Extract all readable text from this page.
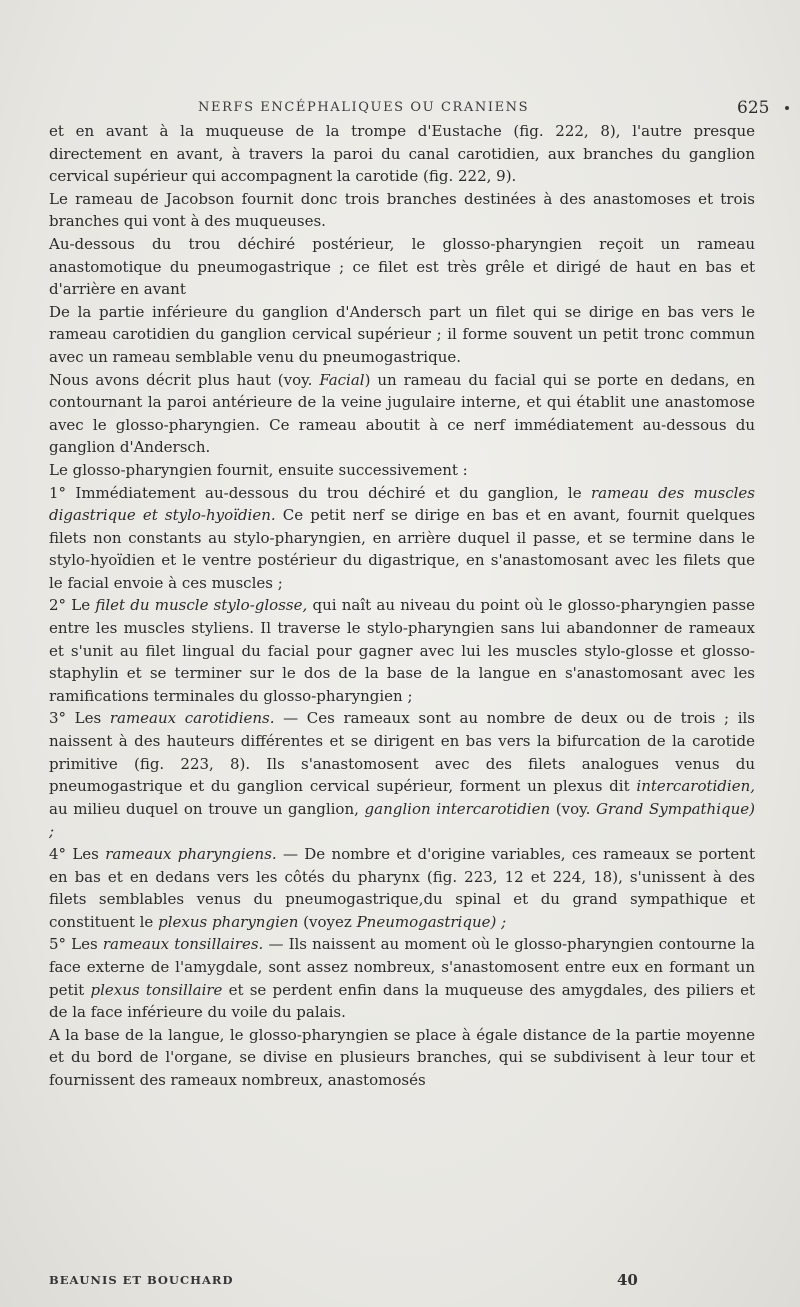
NERFS ENCÉPHALIQUES OU CRANIENS	625

et en avant à la muqueuse de la trompe d'Eustache (fig. 222, 8), l'autre presque directement en avant, à travers la paroi du canal carotidien, aux branches du ganglion cervical supérieur qui accompagnent la carotide (fig. 222, 9).

Le rameau de Jacobson fournit donc trois branches destinées à des anastomoses et trois branches qui vont à des muqueuses.

Au-dessous du trou déchiré postérieur, le glosso-pharyngien reçoit un rameau anastomotique du pneumogastrique ; ce filet est très grêle et dirigé de haut en bas et d'arrière en avant

De la partie inférieure du ganglion d'Andersch part un filet qui se dirige en bas vers le rameau carotidien du ganglion cervical supérieur ; il forme souvent un petit tronc commun avec un rameau semblable venu du pneumogastrique.

Nous avons décrit plus haut (voy. Facial) un rameau du facial qui se porte en dedans, en contournant la paroi antérieure de la veine jugulaire interne, et qui établit une anastomose avec le glosso-pharyngien. Ce rameau aboutit à ce nerf immédiatement au-dessous du ganglion d'Andersch.

Le glosso-pharyngien fournit, ensuite successivement :

1° Immédiatement au-dessous du trou déchiré et du ganglion, le rameau des muscles digastrique et stylo-hyoïdien. Ce petit nerf se dirige en bas et en avant, fournit quelques filets non constants au stylo-pharyngien, en arrière duquel il passe, et se termine dans le stylo-hyoïdien et le ventre postérieur du digastrique, en s'anastomosant avec les filets que le facial envoie à ces muscles ;

2° Le filet du muscle stylo-glosse, qui naît au niveau du point où le glosso-pharyngien passe entre les muscles styliens. Il traverse le stylo-pharyngien sans lui abandonner de rameaux et s'unit au filet lingual du facial pour gagner avec lui les muscles stylo-glosse et glosso-staphylin et se terminer sur le dos de la base de la langue en s'anastomosant avec les ramifications terminales du glosso-pharyngien ;

3° Les rameaux carotidiens. — Ces rameaux sont au nombre de deux ou de trois ; ils naissent à des hauteurs différentes et se dirigent en bas vers la bifurcation de la carotide primitive (fig. 223, 8). Ils s'anastomosent avec des filets analogues venus du pneumogastrique et du ganglion cervical supérieur, forment un plexus dit intercarotidien, au milieu duquel on trouve un ganglion, ganglion intercarotidien (voy. Grand Sympathique) ;

4° Les rameaux pharyngiens. — De nombre et d'origine variables, ces rameaux se portent en bas et en dedans vers les côtés du pharynx (fig. 223, 12 et 224, 18), s'unissent à des filets semblables venus du pneumogastrique,du spinal et du grand sympathique et constituent le plexus pharyngien (voyez Pneumogastrique) ;

5° Les rameaux tonsillaires. — Ils naissent au moment où le glosso-pharyngien contourne la face externe de l'amygdale, sont assez nombreux, s'anastomosent entre eux en formant un petit plexus tonsillaire et se perdent enfin dans la muqueuse des amygdales, des piliers et de la face inférieure du voile du palais.

A la base de la langue, le glosso-pharyngien se place à égale distance de la partie moyenne et du bord de l'organe, se divise en plusieurs branches, qui se subdivisent à leur tour et fournissent des rameaux nombreux, anastomosés

BEAUNIS ET BOUCHARD	40
